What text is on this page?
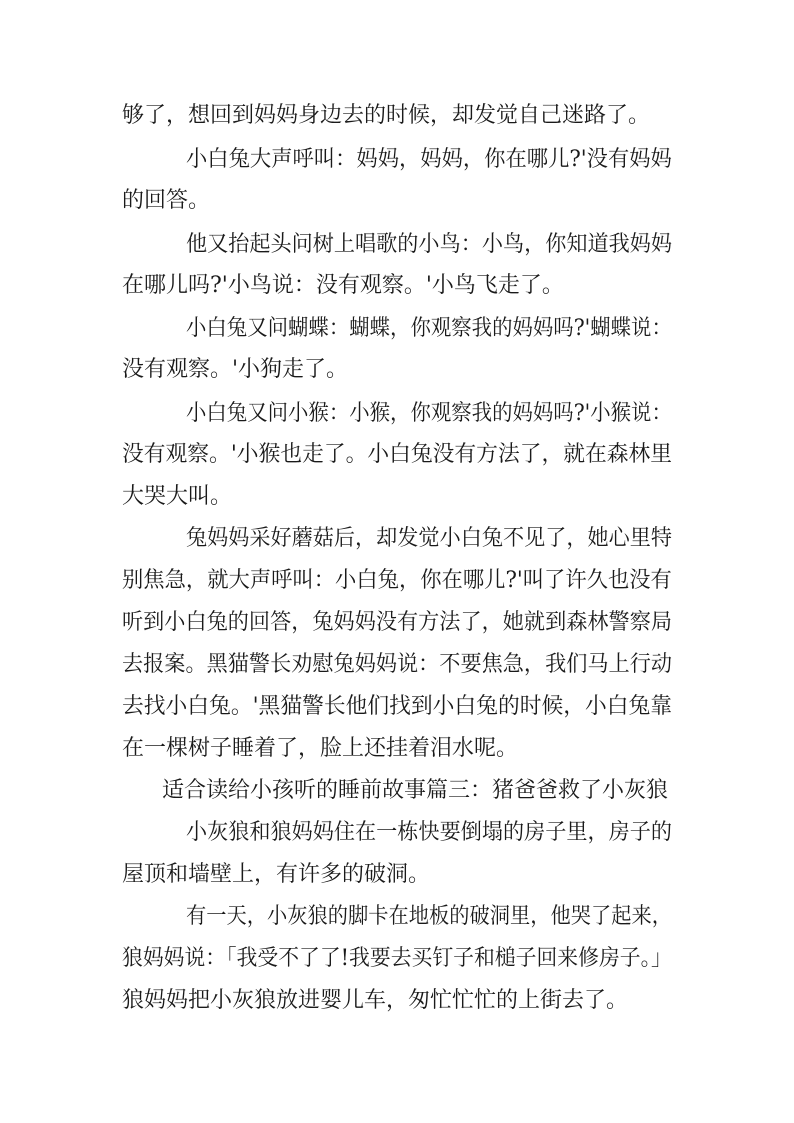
够了，想回到妈妈身边去的时候，却发觉自己迷路了。
小白兔大声呼叫：妈妈，妈妈，你在哪儿?'没有妈妈
的回答。
他又抬起头问树上唱歌的小鸟：小鸟，你知道我妈妈
在哪儿吗?'小鸟说：没有观察。'小鸟飞走了。
小白兔又问蝴蝶：蝴蝶，你观察我的妈妈吗?'蝴蝶说：
没有观察。'小狗走了。
小白兔又问小猴：小猴，你观察我的妈妈吗?'小猴说：
没有观察。'小猴也走了。小白兔没有方法了，就在森林里
大哭大叫。
兔妈妈采好蘑菇后，却发觉小白兔不见了，她心里特
别焦急，就大声呼叫：小白兔，你在哪儿?'叫了许久也没有
听到小白兔的回答，兔妈妈没有方法了，她就到森林警察局
去报案。黑猫警长劝慰兔妈妈说：不要焦急，我们马上行动
去找小白兔。'黑猫警长他们找到小白兔的时候，小白兔靠
在一棵树子睡着了，脸上还挂着泪水呢。
适合读给小孩听的睡前故事篇三：猪爸爸救了小灰狼
小灰狼和狼妈妈住在一栋快要倒塌的房子里，房子的
屋顶和墙壁上，有许多的破洞。
有一天，小灰狼的脚卡在地板的破洞里，他哭了起来，
狼妈妈说：「我受不了了!我要去买钉子和槌子回来修房子。」
狼妈妈把小灰狼放进婴儿车，匆忙忙忙的上街去了。
